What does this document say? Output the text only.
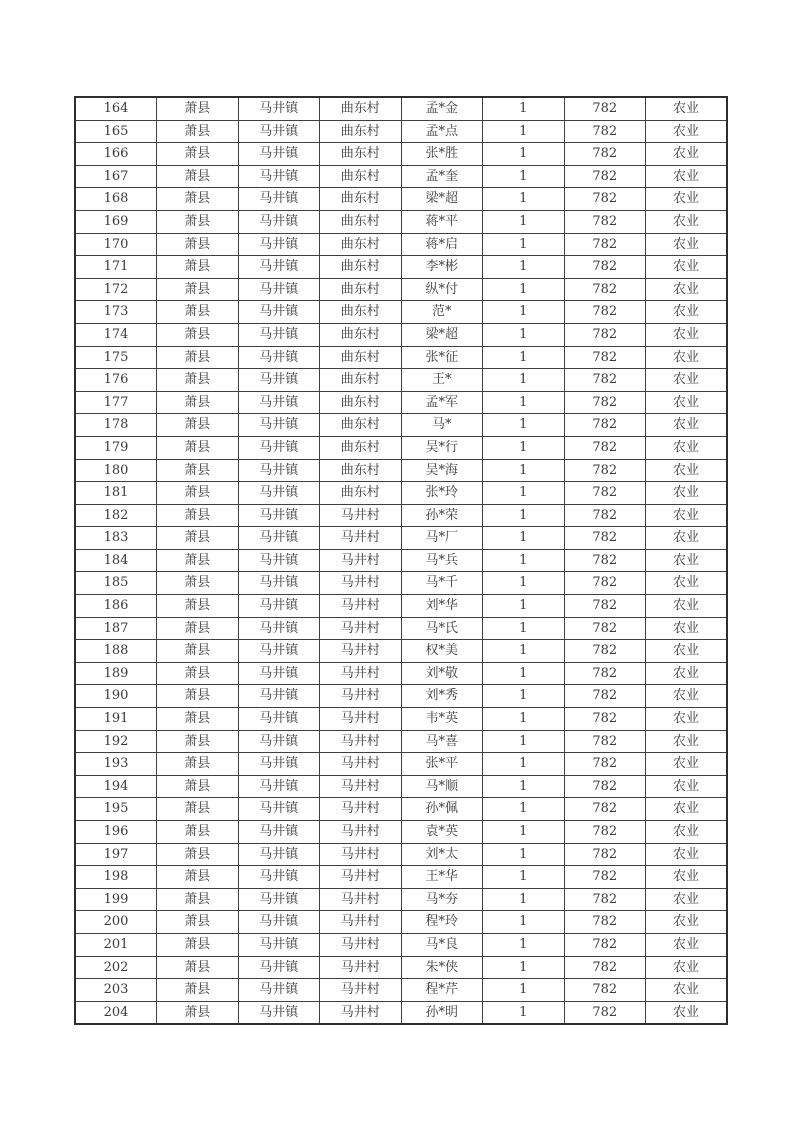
164	萧县	马井镇	曲东村	孟*金	1	782	农业
165	萧县	马井镇	曲东村	孟*点	1	782	农业
166	萧县	马井镇	曲东村	张*胜	1	782	农业
167	萧县	马井镇	曲东村	孟*奎	1	782	农业
168	萧县	马井镇	曲东村	梁*超	1	782	农业
169	萧县	马井镇	曲东村	蒋*平	1	782	农业
170	萧县	马井镇	曲东村	蒋*启	1	782	农业
171	萧县	马井镇	曲东村	李*彬	1	782	农业
172	萧县	马井镇	曲东村	纵*付	1	782	农业
173	萧县	马井镇	曲东村	范*	1	782	农业
174	萧县	马井镇	曲东村	梁*超	1	782	农业
175	萧县	马井镇	曲东村	张*征	1	782	农业
176	萧县	马井镇	曲东村	王*	1	782	农业
177	萧县	马井镇	曲东村	孟*军	1	782	农业
178	萧县	马井镇	曲东村	马*	1	782	农业
179	萧县	马井镇	曲东村	吴*行	1	782	农业
180	萧县	马井镇	曲东村	吴*海	1	782	农业
181	萧县	马井镇	曲东村	张*玲	1	782	农业
182	萧县	马井镇	马井村	孙*荣	1	782	农业
183	萧县	马井镇	马井村	马*厂	1	782	农业
184	萧县	马井镇	马井村	马*兵	1	782	农业
185	萧县	马井镇	马井村	马*千	1	782	农业
186	萧县	马井镇	马井村	刘*华	1	782	农业
187	萧县	马井镇	马井村	马*氏	1	782	农业
188	萧县	马井镇	马井村	权*美	1	782	农业
189	萧县	马井镇	马井村	刘*敬	1	782	农业
190	萧县	马井镇	马井村	刘*秀	1	782	农业
191	萧县	马井镇	马井村	韦*英	1	782	农业
192	萧县	马井镇	马井村	马*喜	1	782	农业
193	萧县	马井镇	马井村	张*平	1	782	农业
194	萧县	马井镇	马井村	马*顺	1	782	农业
195	萧县	马井镇	马井村	孙*佩	1	782	农业
196	萧县	马井镇	马井村	袁*英	1	782	农业
197	萧县	马井镇	马井村	刘*太	1	782	农业
198	萧县	马井镇	马井村	王*华	1	782	农业
199	萧县	马井镇	马井村	马*夯	1	782	农业
200	萧县	马井镇	马井村	程*玲	1	782	农业
201	萧县	马井镇	马井村	马*良	1	782	农业
202	萧县	马井镇	马井村	朱*侠	1	782	农业
203	萧县	马井镇	马井村	程*芹	1	782	农业
204	萧县	马井镇	马井村	孙*明	1	782	农业
